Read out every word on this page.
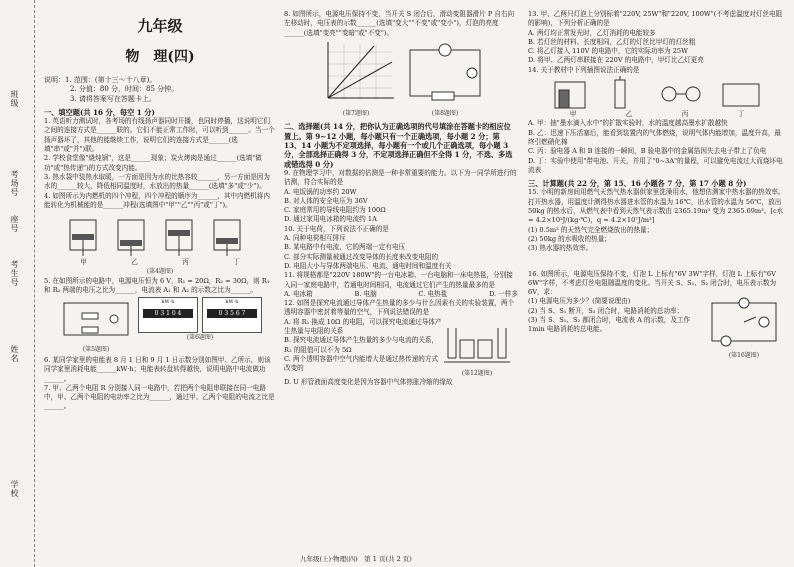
班级
考场号
座号
考生号
姓名
学校
九年级
物　理(四)

说明：1. 范围：(第十三～十八章)。

2. 分值：80 分，时间：85 分钟。

3. 请将答案写在答题卡上。

一、填空题(共 16 分，每空 1 分)

1. 英语听力测试时，各考场的有线扬声器同时开播，也同时停播，这说明它们之间的连接方式是______联的。它们不能正常工作时，可以听到______。当一个扬声器坏了，其他的能继续工作，说明它们的连接方式是______(选填"串"或"并")联。

2. 学校食堂像"烧炖锅"，这是______现象；炭火烤肉是通过______(选填"做功"或"热传递")的方式改变内能。

3. 热水袋中装热水取暖，一方面是因为水的比热容较______，另一方面是因为水的______较大，降低相同温度时，水放出的热量______(选填"多"或"少")。

4. 如图所示为内燃机的四个冲程，四个冲程的顺序为______，其中内燃机将内能转化为机械能的是______冲程(选填图中"甲""乙""丙"或"丁")。

甲	乙	丙	丁
(第4题图)

5. 在如图所示的电路中，电源电压恒为 6 V，R₁ = 20Ω，R₂ = 30Ω，则 R₁ 和 R₂ 两端的电压之比为______，电流表 A₁ 和 A₂ 的示数之比为______。

(第5题图)
kW·h
0 3 1 0 4
kW·h
0 3 5 6 7
(第6题图)

6. 某同学家里的电能表 8 月 1 日和 9 月 1 日示数分别如图甲、乙所示，则该同学家里消耗电能______kW·h；电能表转盘转得越快，说明电路中电流做功______。

7. 甲、乙两个电阻 R 分别接入同一电路中，若把两个电阻串联接在同一电路中，甲、乙两个电阻的电功率之比为______，通过甲、乙两个电阻的电流之比是______。

8. 如图所示，电源电压保持不变，当开关 S 闭合后，滑动变阻器滑片 P 自右向左移动时，电压表的示数______(选填"变大""不变"或"变小")，灯泡的亮度______(选填"变亮""变暗"或"不变")。

(第7题图)	(第8题图)

二、选择题(共 14 分，把你认为正确选项的代号填涂在答题卡的相应位置上。第 9~12 小题，每小题只有一个正确选项，每小题 2 分；第 13、14 小题为不定项选择，每小题有一个或几个正确选项，每小题 3 分，全部选择正确得 3 分，不定项选择正确但不全得 1 分，不选、多选或错选得 0 分)

9. 在物理学习中，对数据的估测是一种非常重要的能力。以下为一同学所进行的估测，符合实际的是

A. 电饭锅的功率约 20W
B. 对人体的安全电压为 36V
C. 家庭常用的导线电阻约为 100Ω
D. 通过家用电冰箱的电流约 1A

10. 关于电荷，下列说法不正确的是

A. 同种电荷相互排斥
B. 某电路中有电流，它的两端一定有电压
C. 部分实际测量被通过改变导体的长度来改变电阻的
D. 电阻大小与导体两端电压、电流、通电时间和温度有关

11. 将规格都是"220V 180W"的一台电冰箱、一台电脑和一床电热毯，分别接入同一家庭电路中，若通电时间相同，电流通过它们产生的热量最多的是

A. 电冰箱	B. 电脑	C. 电热毯	D. 一样多

12. 如图是探究电流通过导体产生热量的多少与什么因素有关的实验装置，两个透明容器中密封着等量的空气，下列说法错误的是

A. 将 R₁ 换成 10Ω 的电阻，可以探究电流通过导体产生热量与电阻的关系
B. 探究电流通过导体产生热量的多少与电流的关系，R₂ 的阻值可以不为 5Ω
C. 两个透明容器中空气内能增大是通过热传递的方式改变的
(第12题图)
D. U 形管液面高度变化是因为容器中气体热胀冷缩的缘故

13. 甲、乙两只灯泡上分别标着"220V, 25W"和"220V, 100W"(不考虑温度对灯丝电阻的影响)，下列分析正确的是

A. 两灯均正常发光时，乙灯消耗的电能较多
B. 若灯丝的材料、长度相同，乙灯的灯丝比甲灯的灯丝粗
C. 将乙灯接入 110V 的电路中，它的实际功率为 25W
D. 将甲、乙两灯串联接在 220V 的电路中，甲灯比乙灯更亮

14. 关于教材中下列插图说法正确的是

甲	乙	丙	丁
A. 甲：抽"墨水滴入水中"的扩散实验时，水的温度越高墨水扩散越快
B. 乙：迅速下压活塞后，能看到装置内的气体燃烧，说明气体内能增加，温度升高，最终引燃硝化棉
C. 丙：验电器 A 和 B 连接的一瞬间，B 验电器中的金属箔因失去电子带上了负电
D. 丁：实验中使用"带电池、开关，并用了"0~3A"的量程，可以避免电流过大而烧坏电流表

三、计算题(共 22 分，第 15、16 小题各 7 分，第 17 小题 8 分)

15. 小明的新房间用燃气天然气热水器供家里洗澡用水，他想估测家中热水器的热效率。打开热水器，用温度计测得热水器进水管的水温为 16℃，出水管的水温为 56℃，放出 50kg 的热水后，从燃气表中看到天然气表示数由 2365.19m³ 变为 2365.69m³。[c水 = 4.2×10³J/(kg·℃)，q = 4.2×10⁷J/m³]

(1) 0.5m³ 的天然气完全燃烧放出的热量；
(2) 50kg 的水吸收的热量；
(3) 热水器的热效率。

16. 如图所示，电源电压保持不变，灯泡 L 上标有"6V 3W"字样，灯泡 L 上标有"6V 6W"字样，不考虑灯丝电阻随温度的变化。当开关 S、S₁、S₂ 闭合时，电压表示数为 6V，求：

(1) 电源电压为多少？(简要说理由)
(2) 当 S、S₁ 断开，S₂ 闭合时，电路消耗的总功率；
(3) 当 S、S₁、S₂ 都闭合时，电流表 A 的示数，及工作 1min 电路消耗的总电能。
(第16题图)
九年级(上)·物理(四)　第 1 页(共 2 页)
